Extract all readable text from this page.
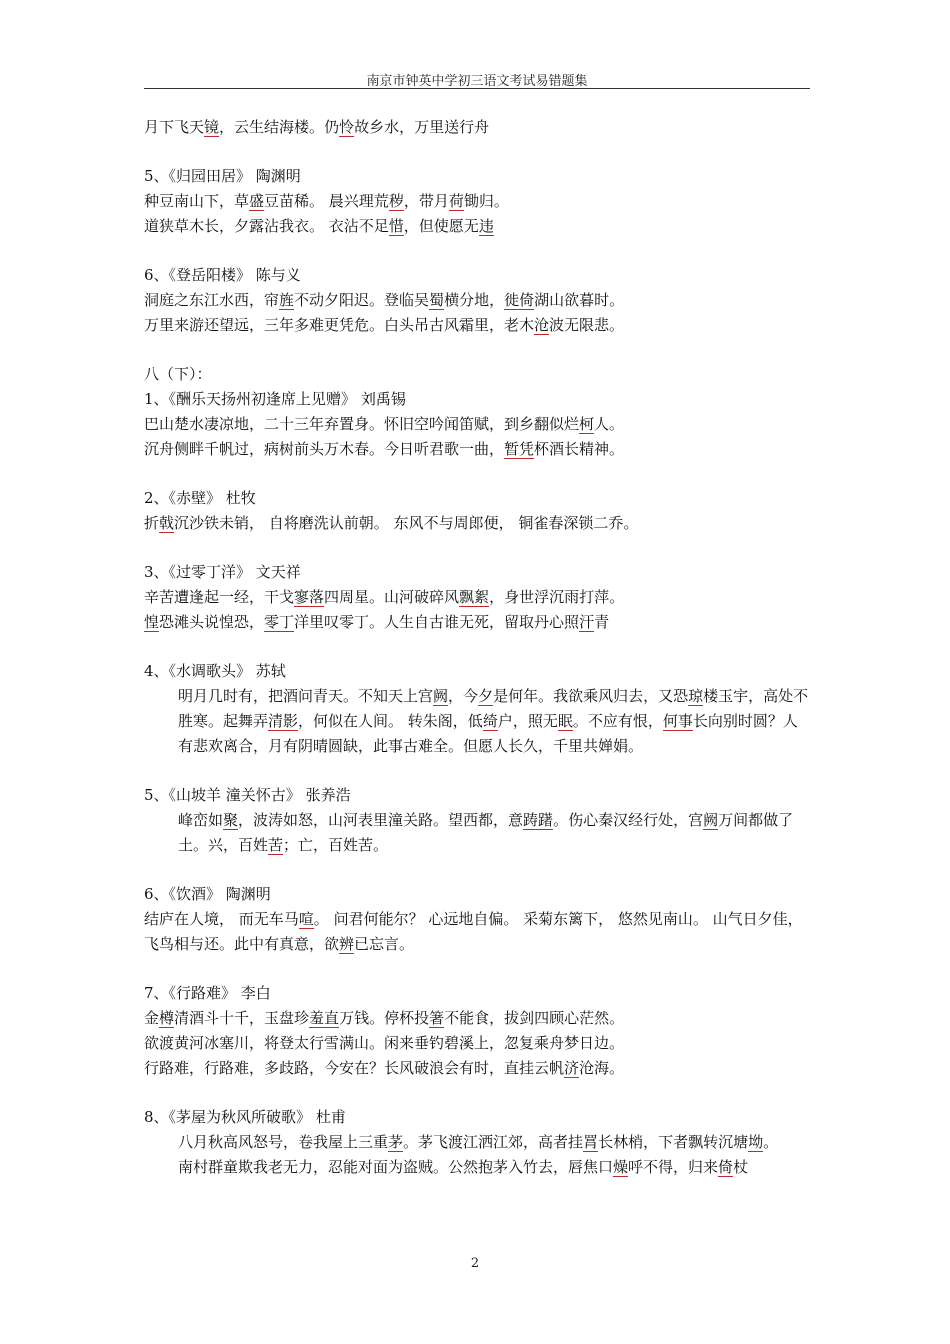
南京市钟英中学初三语文考试易错题集
月下飞天镜，云生结海楼。仍怜故乡水，万里送行舟
5、《归园田居》 陶渊明
种豆南山下，草盛豆苗稀。 晨兴理荒秽，带月荷锄归。
道狭草木长，夕露沾我衣。 衣沾不足惜，但使愿无违
6、《登岳阳楼》 陈与义
洞庭之东江水西，帘旌不动夕阳迟。登临吴蜀横分地，徙倚湖山欲暮时。
万里来游还望远，三年多难更凭危。白头吊古风霜里，老木沧波无限悲。
八（下）：
1、《酬乐天扬州初逢席上见赠》 刘禹锡
巴山楚水凄凉地，二十三年弃置身。怀旧空吟闻笛赋，到乡翻似烂柯人。
沉舟侧畔千帆过，病树前头万木春。今日听君歌一曲，暂凭杯酒长精神。
2、《赤壁》 杜牧
折戟沉沙铁未销， 自将磨洗认前朝。 东风不与周郎便， 铜雀春深锁二乔。
3、《过零丁洋》 文天祥
辛苦遭逢起一经，干戈寥落四周星。山河破碎风飘絮，身世浮沉雨打萍。
惶恐滩头说惶恐，零丁洋里叹零丁。人生自古谁无死，留取丹心照汗青
4、《水调歌头》 苏轼
明月几时有，把酒问青天。不知天上宫阙，今夕是何年。我欲乘风归去，又恐琼楼玉宇，高处不胜寒。起舞弄清影，何似在人间。 转朱阁，低绮户，照无眠。不应有恨，何事长向别时圆？人有悲欢离合，月有阴晴圆缺，此事古难全。但愿人长久，千里共婵娟。
5、《山坡羊 潼关怀古》 张养浩
峰峦如聚，波涛如怒，山河表里潼关路。望西都，意踌躇。伤心秦汉经行处，宫阙万间都做了土。兴，百姓苦；亡，百姓苦。
6、《饮酒》 陶渊明
结庐在人境， 而无车马喧。 问君何能尔？ 心远地自偏。 采菊东篱下， 悠然见南山。 山气日夕佳， 飞鸟相与还。此中有真意，欲辨已忘言。
7、《行路难》 李白
金樽清酒斗十千，玉盘珍羞直万钱。停杯投箸不能食，拔剑四顾心茫然。
欲渡黄河冰塞川，将登太行雪满山。闲来垂钓碧溪上，忽复乘舟梦日边。
行路难，行路难，多歧路，今安在？长风破浪会有时，直挂云帆济沧海。
8、《茅屋为秋风所破歌》 杜甫
八月秋高风怒号，卷我屋上三重茅。茅飞渡江洒江郊，高者挂罥长林梢，下者飘转沉塘坳。
南村群童欺我老无力，忍能对面为盗贼。公然抱茅入竹去，唇焦口燥呼不得，归来倚杖
2
